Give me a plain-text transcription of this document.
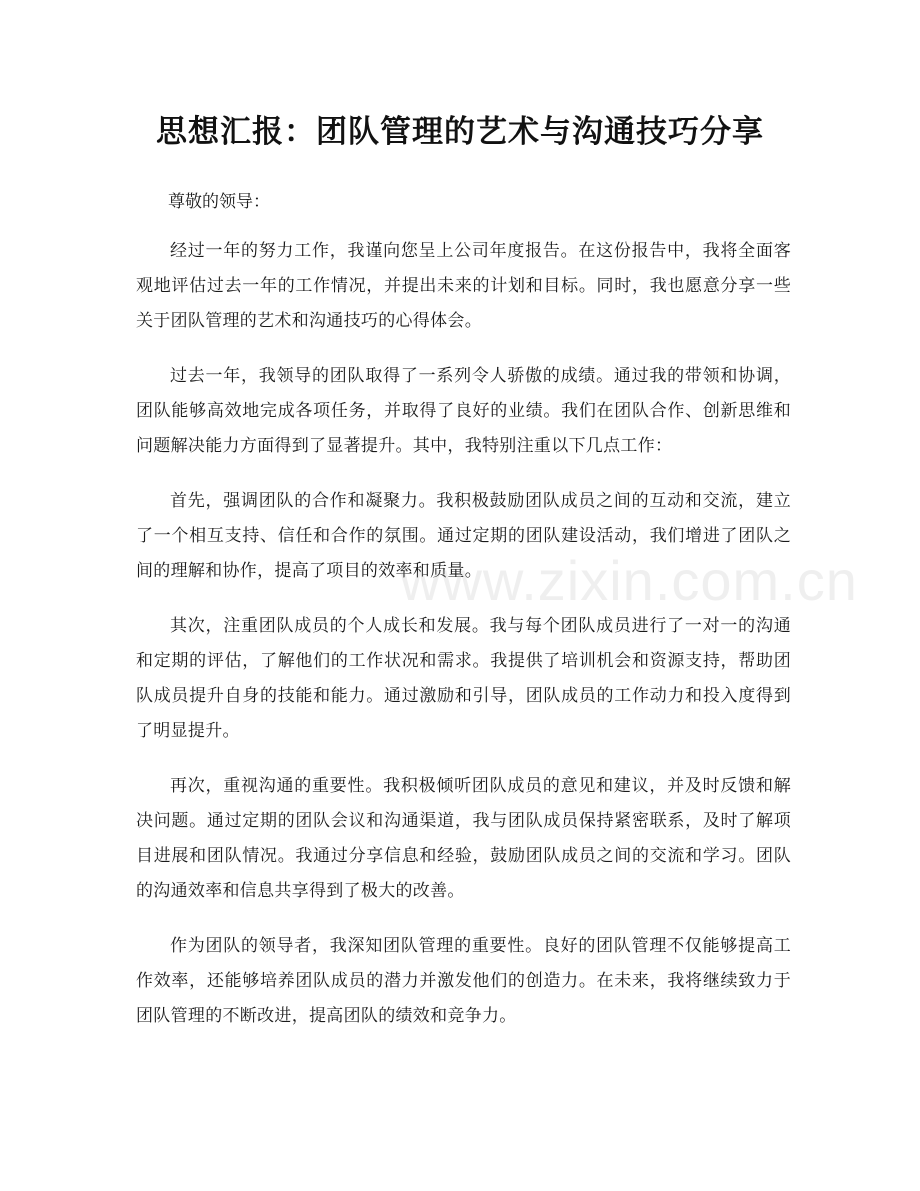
思想汇报：团队管理的艺术与沟通技巧分享
尊敬的领导：

经过一年的努力工作，我谨向您呈上公司年度报告。在这份报告中，我将全面客观地评估过去一年的工作情况，并提出未来的计划和目标。同时，我也愿意分享一些关于团队管理的艺术和沟通技巧的心得体会。

过去一年，我领导的团队取得了一系列令人骄傲的成绩。通过我的带领和协调，团队能够高效地完成各项任务，并取得了良好的业绩。我们在团队合作、创新思维和问题解决能力方面得到了显著提升。其中，我特别注重以下几点工作：

首先，强调团队的合作和凝聚力。我积极鼓励团队成员之间的互动和交流，建立了一个相互支持、信任和合作的氛围。通过定期的团队建设活动，我们增进了团队之间的理解和协作，提高了项目的效率和质量。

其次，注重团队成员的个人成长和发展。我与每个团队成员进行了一对一的沟通和定期的评估，了解他们的工作状况和需求。我提供了培训机会和资源支持，帮助团队成员提升自身的技能和能力。通过激励和引导，团队成员的工作动力和投入度得到了明显提升。

再次，重视沟通的重要性。我积极倾听团队成员的意见和建议，并及时反馈和解决问题。通过定期的团队会议和沟通渠道，我与团队成员保持紧密联系，及时了解项目进展和团队情况。我通过分享信息和经验，鼓励团队成员之间的交流和学习。团队的沟通效率和信息共享得到了极大的改善。

作为团队的领导者，我深知团队管理的重要性。良好的团队管理不仅能够提高工作效率，还能够培养团队成员的潜力并激发他们的创造力。在未来，我将继续致力于团队管理的不断改进，提高团队的绩效和竞争力。

www.zixin.com.cn
